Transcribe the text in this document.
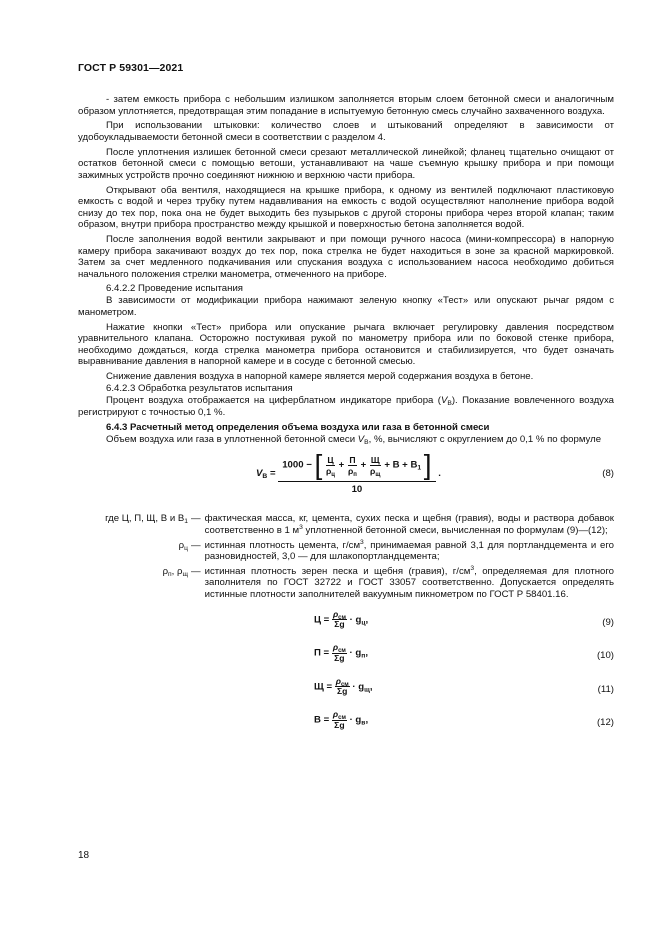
ГОСТ Р 59301—2021

- затем емкость прибора с небольшим излишком заполняется вторым слоем бетонной смеси и аналогичным образом уплотняется, предотвращая этим попадание в испытуемую бетонную смесь случайно захваченного воздуха.

При использовании штыковки: количество слоев и штыкований определяют в зависимости от удобоукладываемости бетонной смеси в соответствии с разделом 4.

После уплотнения излишек бетонной смеси срезают металлической линейкой; фланец тщательно очищают от остатков бетонной смеси с помощью ветоши, устанавливают на чаше съемную крышку прибора и при помощи зажимных устройств прочно соединяют нижнюю и верхнюю части прибора.

Открывают оба вентиля, находящиеся на крышке прибора, к одному из вентилей подключают пластиковую емкость с водой и через трубку путем надавливания на емкость с водой осуществляют наполнение прибора водой снизу до тех пор, пока она не будет выходить без пузырьков с другой стороны прибора через второй клапан; таким образом, внутри прибора пространство между крышкой и поверхностью бетона заполняется водой.

После заполнения водой вентили закрывают и при помощи ручного насоса (мини-компрессора) в напорную камеру прибора закачивают воздух до тех пор, пока стрелка не будет находиться в зоне за красной маркировкой. Затем за счет медленного подкачивания или спускания воздуха с использованием насоса необходимо добиться начального положения стрелки манометра, отмеченного на приборе.

6.4.2.2 Проведение испытания

В зависимости от модификации прибора нажимают зеленую кнопку «Тест» или опускают рычаг рядом с манометром.

Нажатие кнопки «Тест» прибора или опускание рычага включает регулировку давления посредством уравнительного клапана. Осторожно постукивая рукой по манометру прибора или по боковой стенке прибора, необходимо дождаться, когда стрелка манометра прибора остановится и стабилизируется, что будет означать выравнивание давления в напорной камере и в сосуде с бетонной смесью.

Снижение давления воздуха в напорной камере является мерой содержания воздуха в бетоне.

6.4.2.3 Обработка результатов испытания

Процент воздуха отображается на циферблатном индикаторе прибора $(V_В)$. Показание вовлеченного воздуха регистрируют с точностью 0,1 %.

6.4.3 Расчетный метод определения объема воздуха или газа в бетонной смеси

Объем воздуха или газа в уплотненной бетонной смеси $V_В$, %, вычисляют с округлением до 0,1 % по формуле

$V_В$ =
1000 − [ Ц
$\rho_ц$
+
П
$\rho_п$
+
Щ
$\rho_щ$
+ $В + В_1$ ]
10
.	(8)
где Ц, П, Щ, В и $В_1$ — фактическая масса, кг, цемента, сухих песка и щебня (гравия), воды и раствора добавок соответственно в 1 $м^3$ уплотненной бетонной смеси, вычисленная по формулам (9)—(12);
$\rho_ц$ — истинная плотность цемента, $г/см^3$, принимаемая равной 3,1 для портландцемента и его разновидностей, 3,0 — для шлакопортландцемента;
$\rho_п$, $\rho_щ$ — истинная плотность зерен песка и щебня (гравия), $г/см^3$, определяемая для плотного заполнителя по ГОСТ 32722 и ГОСТ 33057 соответственно. Допускается определять истинные плотности заполнителей вакуумным пикнометром по ГОСТ Р 58401.16.
Ц =
$\rho_{см}$
$\Sigma g \cdot g_ц$,	(9)
П =
$\rho_{см}$
$\Sigma g \cdot g_п$,	(10)
Щ =
$\rho_{см}$
$\Sigma g \cdot g_щ$,	(11)
В =
$\rho_{см}$
$\Sigma g \cdot g_в$,	(12)
18
